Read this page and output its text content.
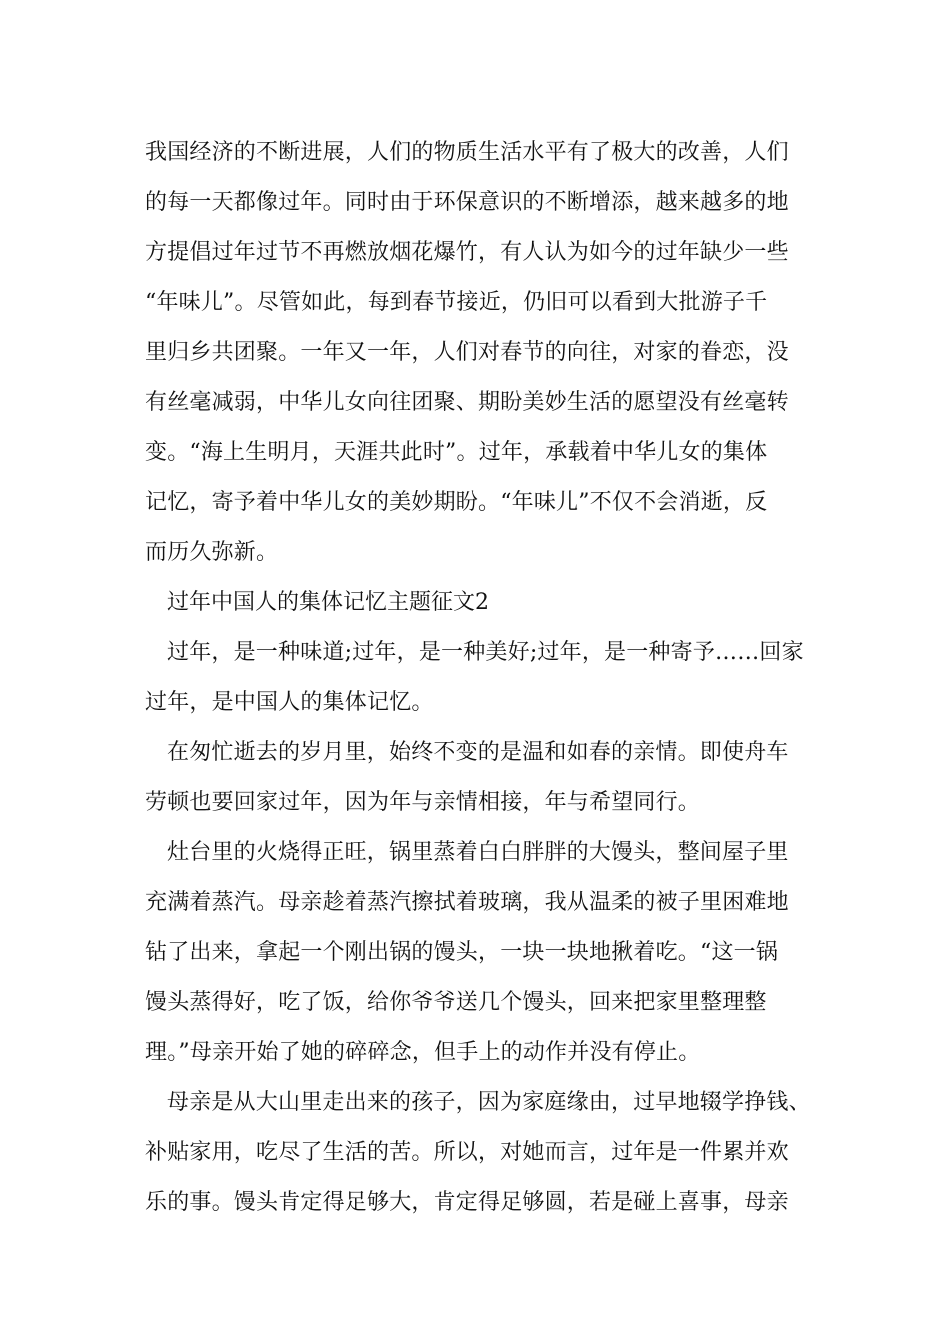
我国经济的不断进展，人们的物质生活水平有了极大的改善，人们
的每一天都像过年。同时由于环保意识的不断增添，越来越多的地
方提倡过年过节不再燃放烟花爆竹，有人认为如今的过年缺少一些
“年味儿”。尽管如此，每到春节接近，仍旧可以看到大批游子千
里归乡共团聚。一年又一年，人们对春节的向往，对家的眷恋，没
有丝毫减弱，中华儿女向往团聚、期盼美妙生活的愿望没有丝毫转
变。“海上生明月，天涯共此时”。过年，承载着中华儿女的集体
记忆，寄予着中华儿女的美妙期盼。“年味儿”不仅不会消逝，反
而历久弥新。

过年中国人的集体记忆主题征文2

过年，是一种味道;过年，是一种美好;过年，是一种寄予……回家
过年，是中国人的集体记忆。

在匆忙逝去的岁月里，始终不变的是温和如春的亲情。即使舟车
劳顿也要回家过年，因为年与亲情相接，年与希望同行。

灶台里的火烧得正旺，锅里蒸着白白胖胖的大馒头，整间屋子里
充满着蒸汽。母亲趁着蒸汽擦拭着玻璃，我从温柔的被子里困难地
钻了出来，拿起一个刚出锅的馒头，一块一块地揪着吃。“这一锅
馒头蒸得好，吃了饭，给你爷爷送几个馒头，回来把家里整理整
理。”母亲开始了她的碎碎念，但手上的动作并没有停止。

母亲是从大山里走出来的孩子，因为家庭缘由，过早地辍学挣钱、
补贴家用，吃尽了生活的苦。所以，对她而言，过年是一件累并欢
乐的事。馒头肯定得足够大，肯定得足够圆，若是碰上喜事，母亲
